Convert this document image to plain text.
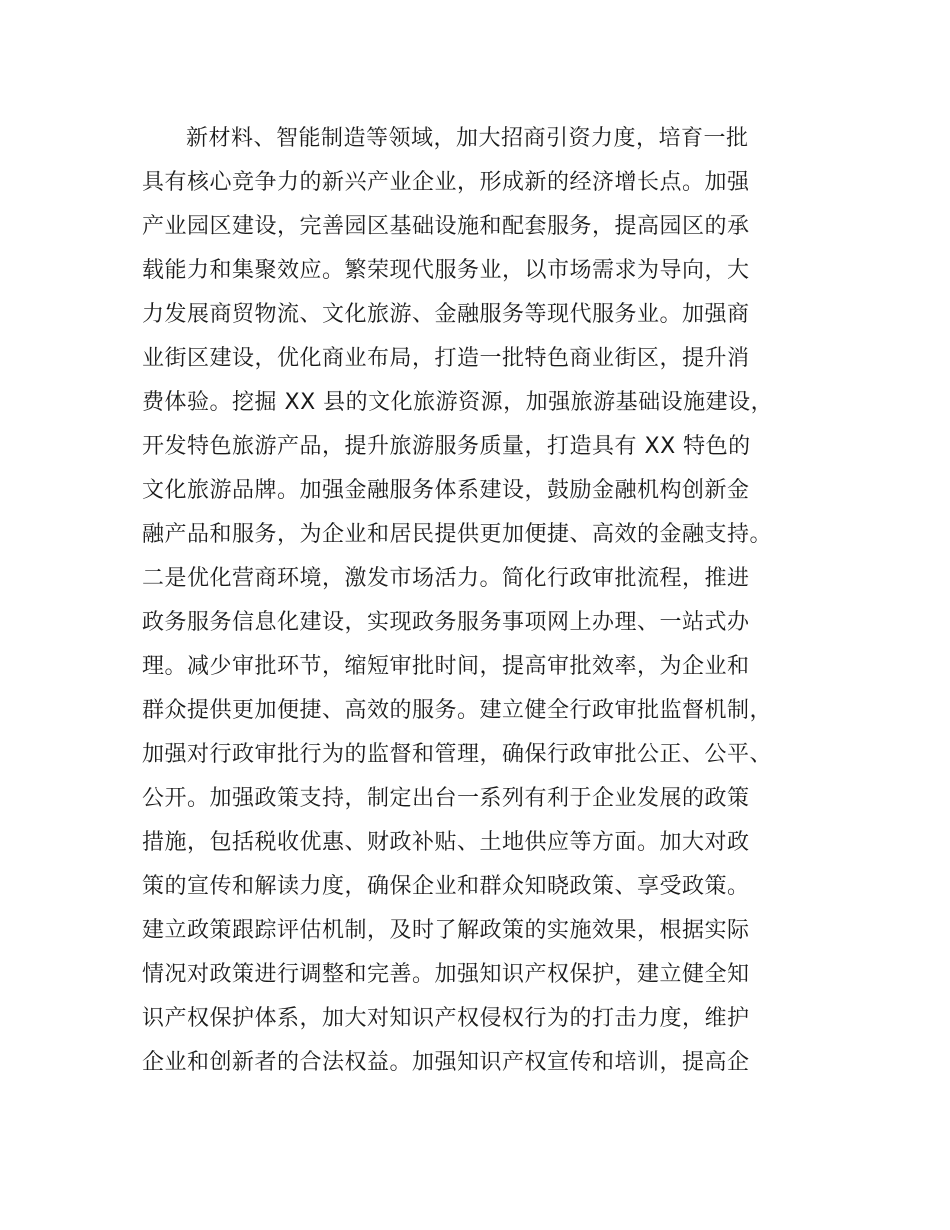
新材料、智能制造等领域，加大招商引资力度，培育一批
具有核心竞争力的新兴产业企业，形成新的经济增长点。加强
产业园区建设，完善园区基础设施和配套服务，提高园区的承
载能力和集聚效应。繁荣现代服务业，以市场需求为导向，大
力发展商贸物流、文化旅游、金融服务等现代服务业。加强商
业街区建设，优化商业布局，打造一批特色商业街区，提升消
费体验。挖掘 XX 县的文化旅游资源，加强旅游基础设施建设，
开发特色旅游产品，提升旅游服务质量，打造具有 XX 特色的
文化旅游品牌。加强金融服务体系建设，鼓励金融机构创新金
融产品和服务，为企业和居民提供更加便捷、高效的金融支持。
二是优化营商环境，激发市场活力。简化行政审批流程，推进
政务服务信息化建设，实现政务服务事项网上办理、一站式办
理。减少审批环节，缩短审批时间，提高审批效率，为企业和
群众提供更加便捷、高效的服务。建立健全行政审批监督机制，
加强对行政审批行为的监督和管理，确保行政审批公正、公平、
公开。加强政策支持，制定出台一系列有利于企业发展的政策
措施，包括税收优惠、财政补贴、土地供应等方面。加大对政
策的宣传和解读力度，确保企业和群众知晓政策、享受政策。
建立政策跟踪评估机制，及时了解政策的实施效果，根据实际
情况对政策进行调整和完善。加强知识产权保护，建立健全知
识产权保护体系，加大对知识产权侵权行为的打击力度，维护
企业和创新者的合法权益。加强知识产权宣传和培训，提高企
